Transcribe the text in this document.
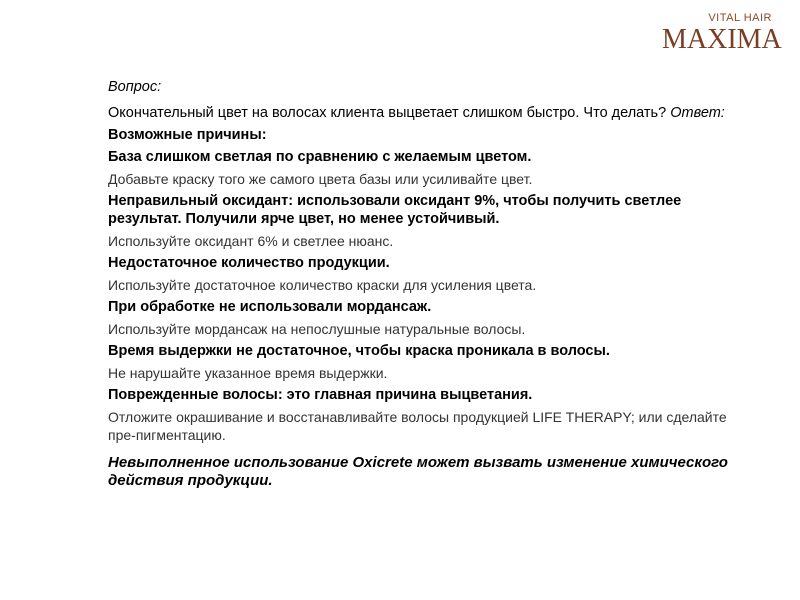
VITAL HAIR
MAXIMA

Вопрос:

Окончательный цвет на волосах клиента выцветает слишком быстро. Что делать? Ответ:

Возможные причины:

База слишком светлая по сравнению с желаемым цветом.

Добавьте краску того же самого цвета базы или усиливайте цвет.

Неправильный оксидант: использовали оксидант 9%, чтобы получить светлее результат. Получили ярче цвет, но менее устойчивый.

Используйте оксидант 6% и светлее нюанс.

Недостаточное количество продукции.

Используйте достаточное количество краски для усиления цвета.

При обработке не использовали мордансаж.

Используйте мордансаж на непослушные натуральные волосы.

Время выдержки не достаточное, чтобы краска проникала в волосы.

Не нарушайте указанное время выдержки.

Поврежденные волосы: это главная причина выцветания.

Отложите окрашивание и восстанавливайте волосы продукцией LIFE THERAPY; или сделайте пре-пигментацию.

Невыполненное использование Oxicrete может вызвать изменение химического действия продукции.
